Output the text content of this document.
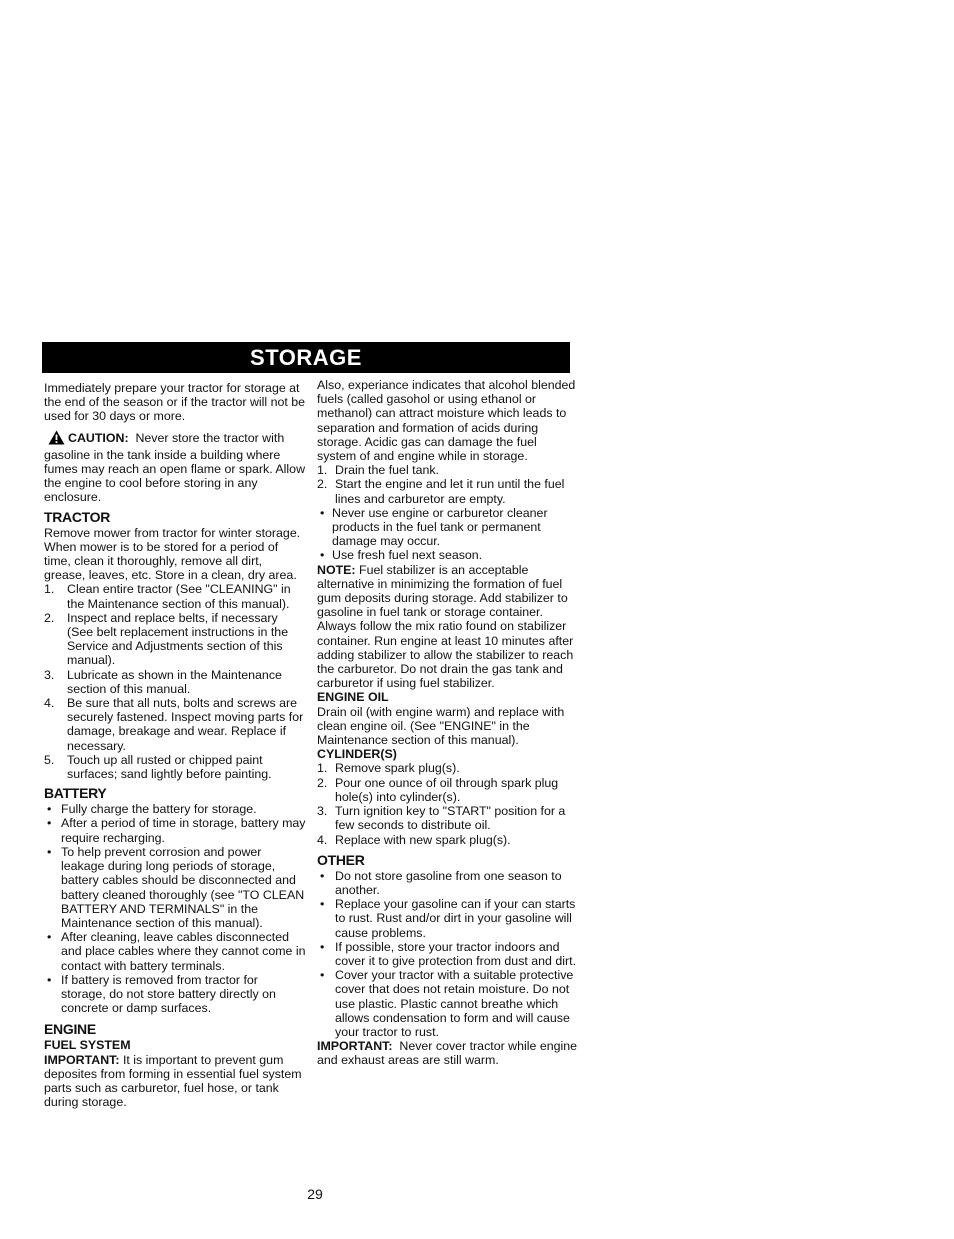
STORAGE

Immediately prepare your tractor for storage at the end of the season or if the tractor will not be used for 30 days or more.

CAUTION: Never store the tractor with gasoline in the tank inside a building where fumes may reach an open flame or spark. Allow the engine to cool before storing in any enclosure.

TRACTOR

Remove mower from tractor for winter storage. When mower is to be stored for a period of time, clean it thoroughly, remove all dirt, grease, leaves, etc. Store in a clean, dry area.

1. Clean entire tractor (See "CLEANING" in the Maintenance section of this manual).
2. Inspect and replace belts, if necessary (See belt replacement instructions in the Service and Adjustments section of this manual).
3. Lubricate as shown in the Maintenance section of this manual.
4. Be sure that all nuts, bolts and screws are securely fastened. Inspect moving parts for damage, breakage and wear. Replace if necessary.
5. Touch up all rusted or chipped paint surfaces; sand lightly before painting.
BATTERY
• Fully charge the battery for storage.
• After a period of time in storage, battery may require recharging.
• To help prevent corrosion and power leakage during long periods of storage, battery cables should be disconnected and battery cleaned thoroughly (see "TO CLEAN BATTERY AND TERMINALS" in the Maintenance section of this manual).
• After cleaning, leave cables disconnected and place cables where they cannot come in contact with battery terminals.
• If battery is removed from tractor for storage, do not store battery directly on concrete or damp surfaces.
ENGINE
FUEL SYSTEM

IMPORTANT: It is important to prevent gum deposites from forming in essential fuel system parts such as carburetor, fuel hose, or tank during storage.

Also, experiance indicates that alcohol blended fuels (called gasohol or using ethanol or methanol) can attract moisture which leads to separation and formation of acids during storage. Acidic gas can damage the fuel system of and engine while in storage.

1. Drain the fuel tank.
2. Start the engine and let it run until the fuel lines and carburetor are empty.
• Never use engine or carburetor cleaner products in the fuel tank or permanent damage may occur.
• Use fresh fuel next season.

NOTE: Fuel stabilizer is an acceptable alternative in minimizing the formation of fuel gum deposits during storage. Add stabilizer to gasoline in fuel tank or storage container. Always follow the mix ratio found on stabilizer container. Run engine at least 10 minutes after adding stabilizer to allow the stabilizer to reach the carburetor. Do not drain the gas tank and carburetor if using fuel stabilizer.

ENGINE OIL

Drain oil (with engine warm) and replace with clean engine oil. (See "ENGINE" in the Maintenance section of this manual).

CYLINDER(S)
1. Remove spark plug(s).
2. Pour one ounce of oil through spark plug hole(s) into cylinder(s).
3. Turn ignition key to "START" position for a few seconds to distribute oil.
4. Replace with new spark plug(s).
OTHER
• Do not store gasoline from one season to another.
• Replace your gasoline can if your can starts to rust. Rust and/or dirt in your gasoline will cause problems.
• If possible, store your tractor indoors and cover it to give protection from dust and dirt.
• Cover your tractor with a suitable protective cover that does not retain moisture. Do not use plastic. Plastic cannot breathe which allows condensation to form and will cause your tractor to rust.

IMPORTANT: Never cover tractor while engine and exhaust areas are still warm.

29
